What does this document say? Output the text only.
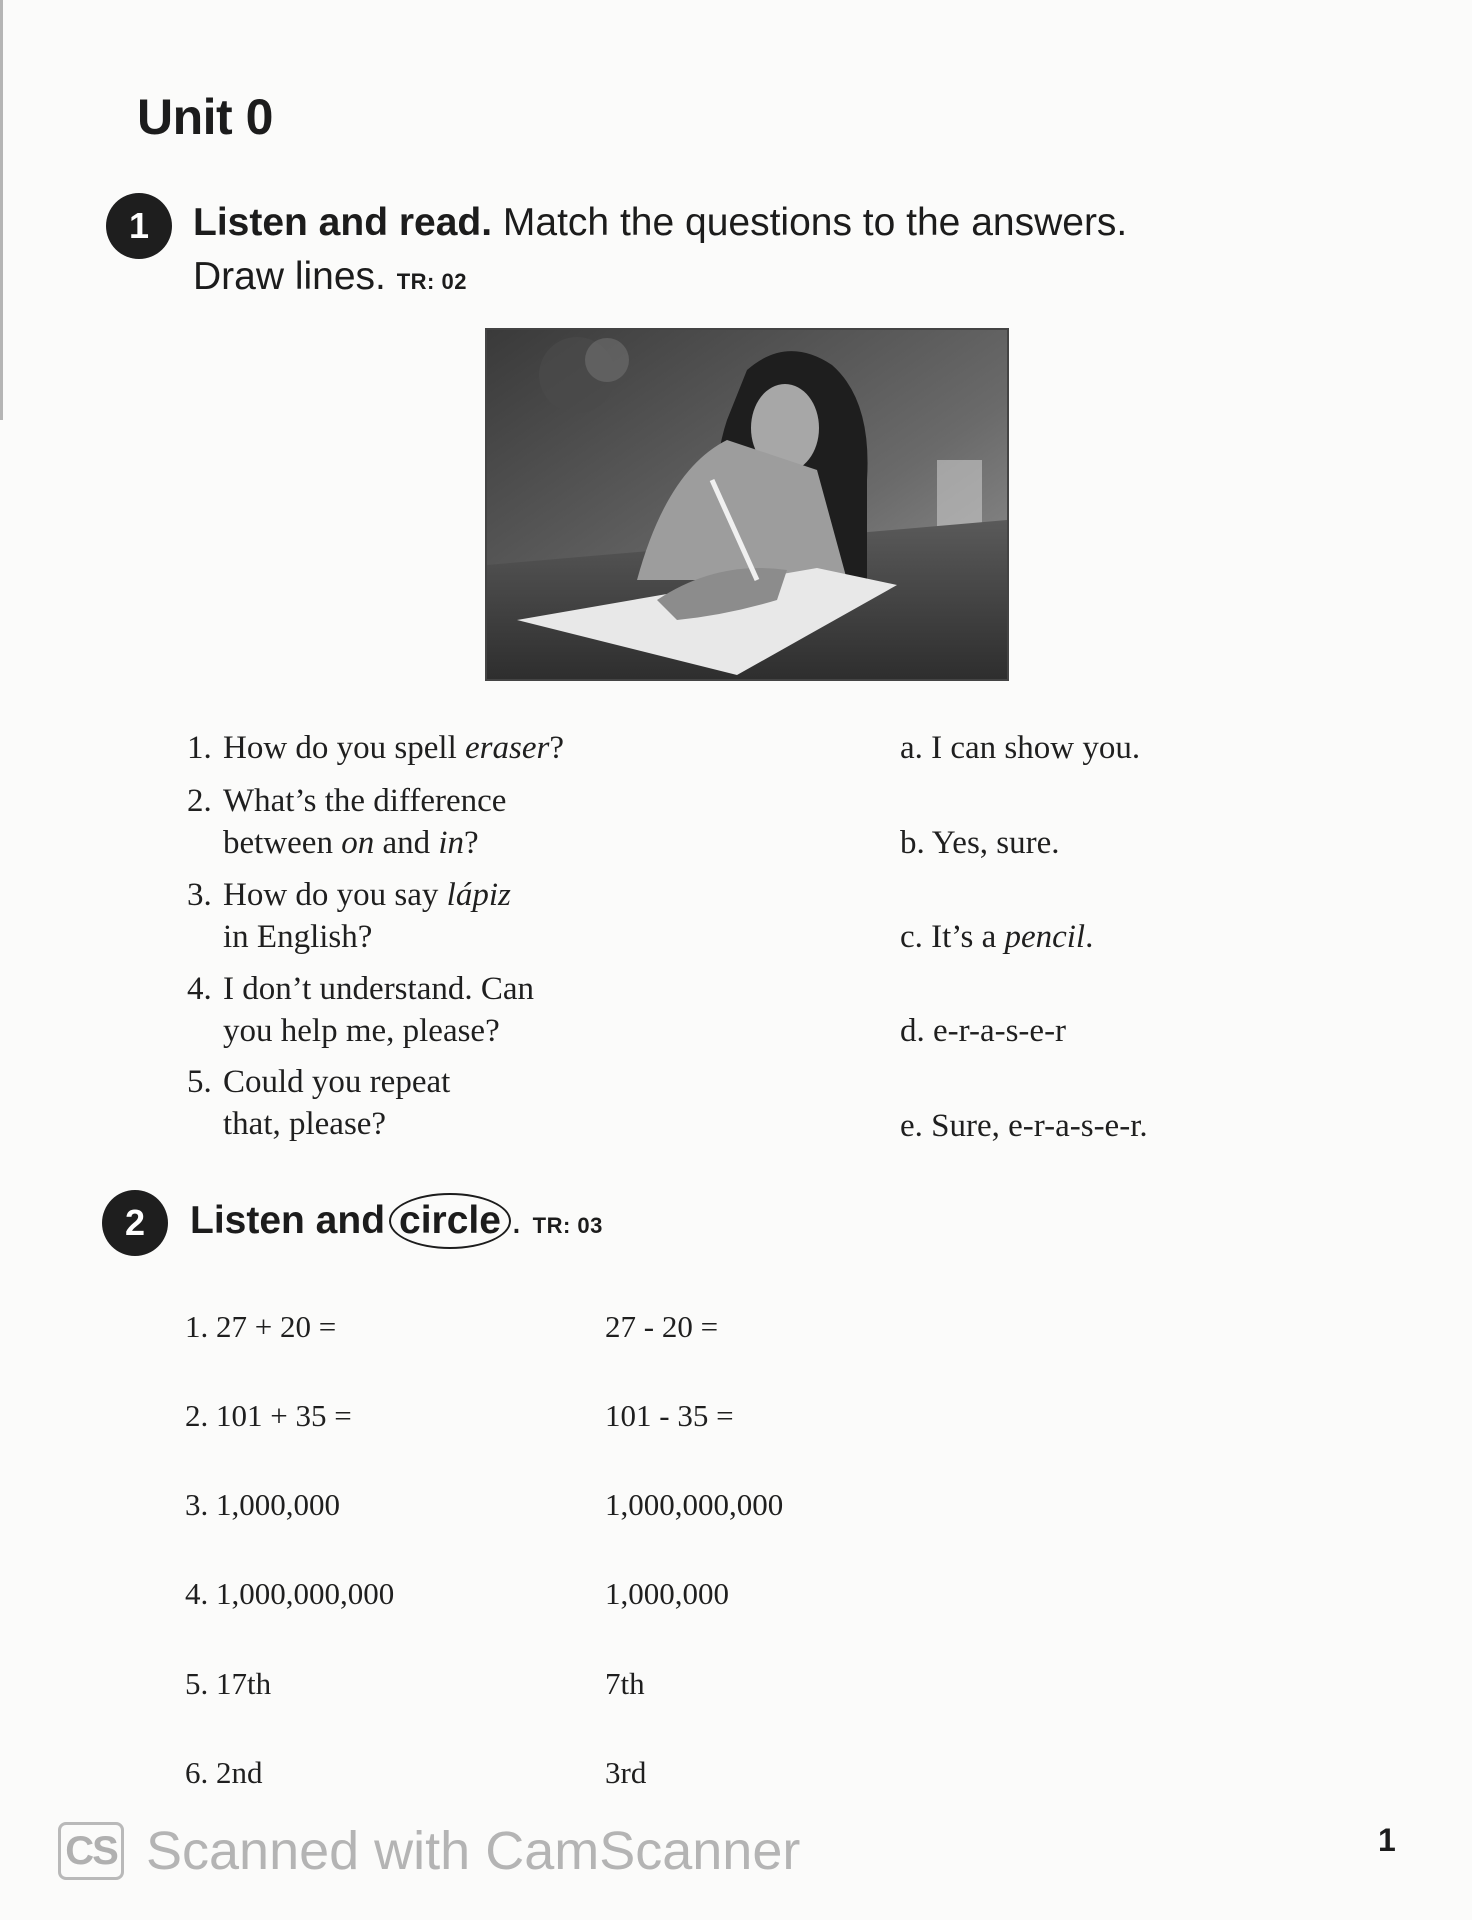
Unit 0
1	Listen and read. Match the questions to the answers.
Draw lines. TR: 02
1. How do you spell eraser?
2. What’s the difference
between on and in?
3. How do you say lápiz
in English?
4. I don’t understand. Can
you help me, please?
5. Could you repeat
that, please?
a. I can show you.
b. Yes, sure.
c. It’s a pencil.
d. e-r-a-s-e-r
e. Sure, e-r-a-s-e-r.
2	Listen and circle . TR: 03
1. 27 + 20 =	27 - 20 =
2. 101 + 35 =	101 - 35 =
3. 1,000,000	1,000,000,000
4. 1,000,000,000	1,000,000
5. 17th	7th
6. 2nd	3rd
CS Scanned with CamScanner	1
